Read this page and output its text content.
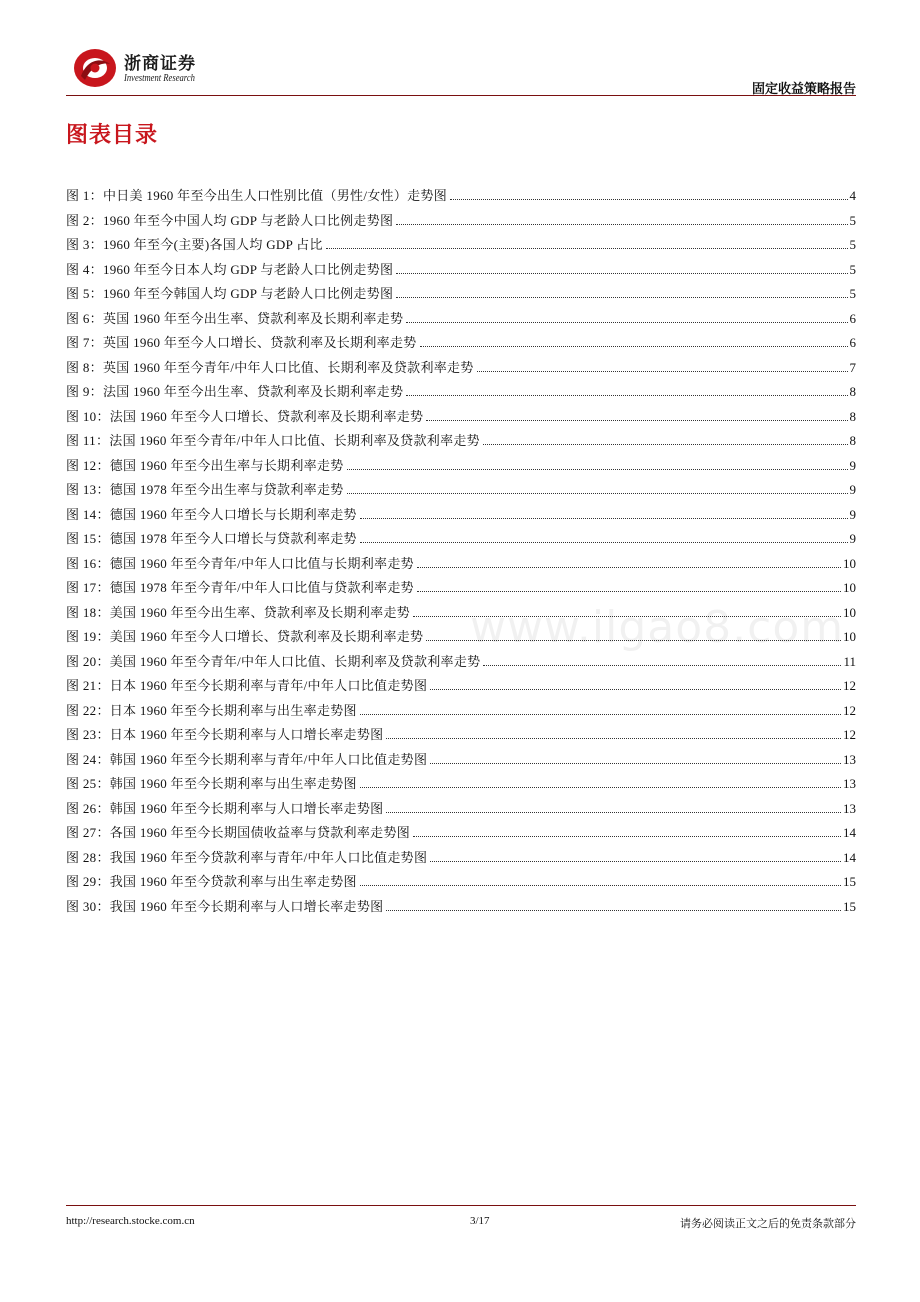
浙商证券
Investment Research
固定收益策略报告
图表目录
图 1：中日美 1960 年至今出生人口性别比值（男性/女性）走势图	4
图 2：1960 年至今中国人均 GDP 与老龄人口比例走势图	5
图 3：1960 年至今(主要)各国人均 GDP 占比	5
图 4：1960 年至今日本人均 GDP 与老龄人口比例走势图	5
图 5：1960 年至今韩国人均 GDP 与老龄人口比例走势图	5
图 6：英国 1960 年至今出生率、贷款利率及长期利率走势	6
图 7：英国 1960 年至今人口增长、贷款利率及长期利率走势	6
图 8：英国 1960 年至今青年/中年人口比值、长期利率及贷款利率走势	7
图 9：法国 1960 年至今出生率、贷款利率及长期利率走势	8
图 10：法国 1960 年至今人口增长、贷款利率及长期利率走势	8
图 11：法国 1960 年至今青年/中年人口比值、长期利率及贷款利率走势	8
图 12：德国 1960 年至今出生率与长期利率走势	9
图 13：德国 1978 年至今出生率与贷款利率走势	9
图 14：德国 1960 年至今人口增长与长期利率走势	9
图 15：德国 1978 年至今人口增长与贷款利率走势	9
图 16：德国 1960 年至今青年/中年人口比值与长期利率走势	10
图 17：德国 1978 年至今青年/中年人口比值与贷款利率走势	10
图 18：美国 1960 年至今出生率、贷款利率及长期利率走势	10
图 19：美国 1960 年至今人口增长、贷款利率及长期利率走势	10
图 20：美国 1960 年至今青年/中年人口比值、长期利率及贷款利率走势	11
图 21：日本 1960 年至今长期利率与青年/中年人口比值走势图	12
图 22：日本 1960 年至今长期利率与出生率走势图	12
图 23：日本 1960 年至今长期利率与人口增长率走势图	12
图 24：韩国 1960 年至今长期利率与青年/中年人口比值走势图	13
图 25：韩国 1960 年至今长期利率与出生率走势图	13
图 26：韩国 1960 年至今长期利率与人口增长率走势图	13
图 27：各国 1960 年至今长期国债收益率与贷款利率走势图	14
图 28：我国 1960 年至今贷款利率与青年/中年人口比值走势图	14
图 29：我国 1960 年至今贷款利率与出生率走势图	15
图 30：我国 1960 年至今长期利率与人口增长率走势图	15
www.ilgao8.com
http://research.stocke.com.cn	3/17	请务必阅读正文之后的免责条款部分
